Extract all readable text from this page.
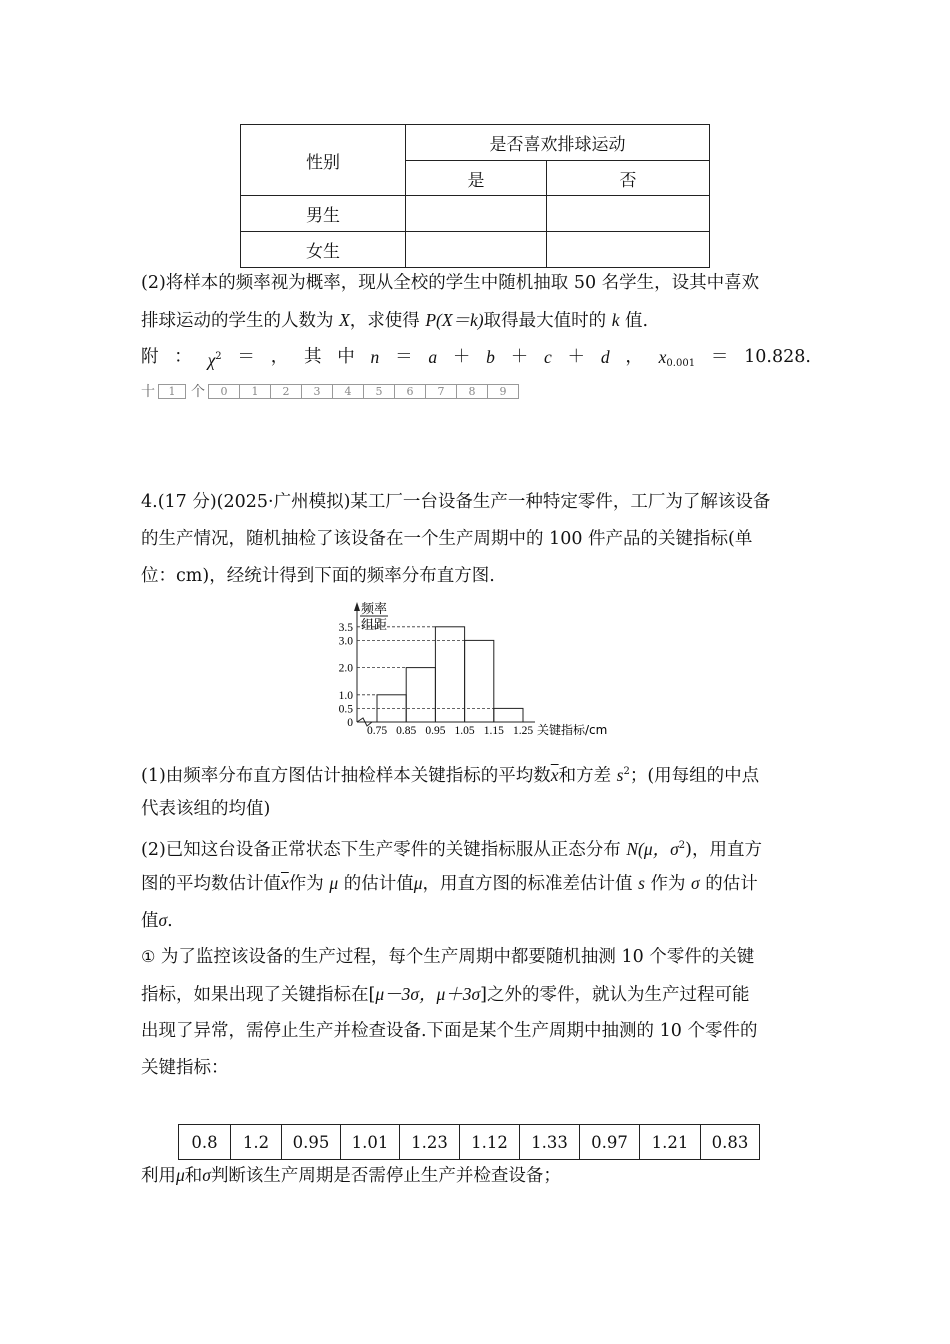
性别	是否喜欢排球运动	
	是	否
男生		
女生		
(2)将样本的频率视为概率，现从全校的学生中随机抽取 50 名学生，设其中喜欢
排球运动的学生的人数为 X，求使得 P(X＝k)取得最大值时的 k 值.
附 ： $\chi^2$ ＝ ， 其 中 n ＝ a ＋ b ＋ c ＋ d ， $x_{0.001} = 10.828$.
十	1	个	0	1	2	3	4	5	6	7	8	9
4.(17 分)(2025·广州模拟)某工厂一台设备生产一种特定零件，工厂为了解该设备
的生产情况，随机抽检了该设备在一个生产周期中的 100 件产品的关键指标(单
位：cm)，经统计得到下面的频率分布直方图.
频率
组距
0
0.5
1.0
2.0
3.0
3.5
0.75 0.85 0.95 1.05 1.15 1.25 关键指标/cm
(1)由频率分布直方图估计抽检样本关键指标的平均数$\overline{x}$和方差 $s^2$；(用每组的中点
代表该组的均值)
(2)已知这台设备正常状态下生产零件的关键指标服从正态分布 N(μ，$\sigma^2$)，用直方
图的平均数估计值$\overline{x}$作为 μ 的估计值μ，用直方图的标准差估计值 s 作为 σ 的估计
值σ.
① 为了监控该设备的生产过程，每个生产周期中都要随机抽测 10 个零件的关键
指标，如果出现了关键指标在[μ－3σ，μ＋3σ]之外的零件，就认为生产过程可能
出现了异常，需停止生产并检查设备.下面是某个生产周期中抽测的 10 个零件的
关键指标：
0.8	1.2	0.95	1.01	1.23	1.12	1.33	0.97	1.21	0.83
利用μ和σ判断该生产周期是否需停止生产并检查设备；
